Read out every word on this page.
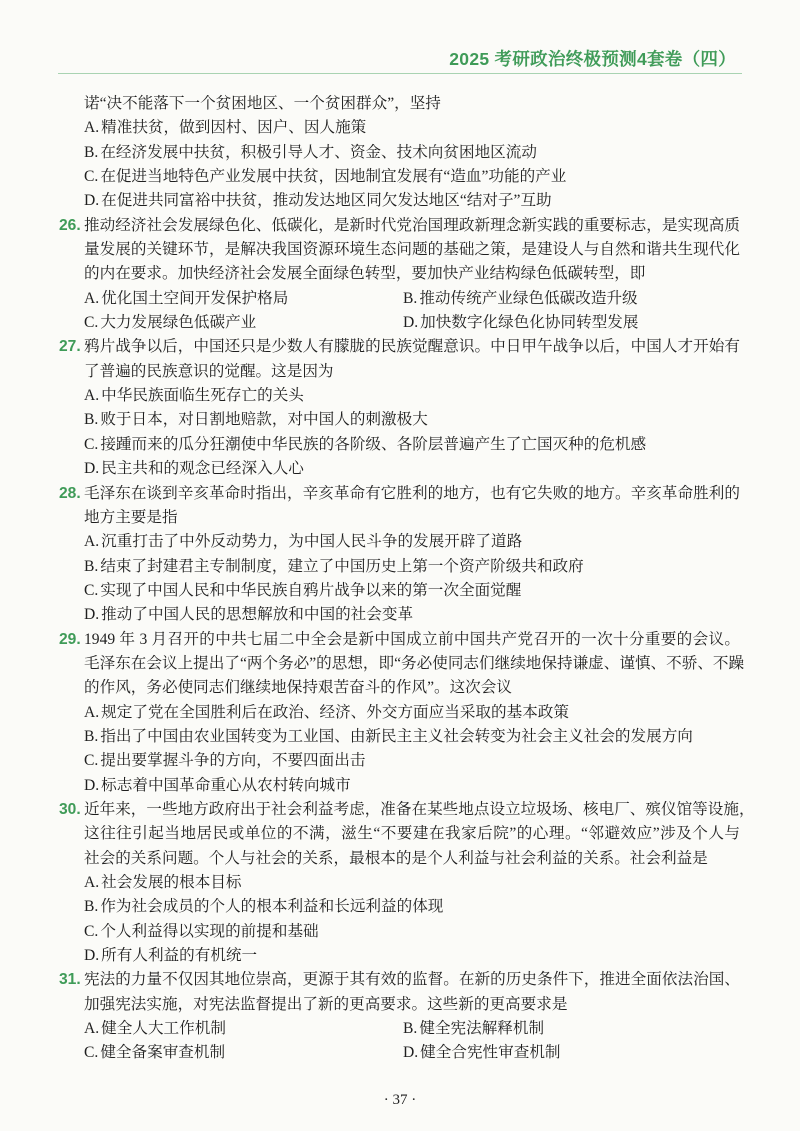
2025 考研政治终极预测4套卷（四）
诺“决不能落下一个贫困地区、一个贫困群众”，坚持
A. 精准扶贫，做到因村、因户、因人施策
B. 在经济发展中扶贫，积极引导人才、资金、技术向贫困地区流动
C. 在促进当地特色产业发展中扶贫，因地制宜发展有“造血”功能的产业
D. 在促进共同富裕中扶贫，推动发达地区同欠发达地区“结对子”互助
26. 推动经济社会发展绿色化、低碳化，是新时代党治国理政新理念新实践的重要标志，是实现高质
量发展的关键环节，是解决我国资源环境生态问题的基础之策，是建设人与自然和谐共生现代化
的内在要求。加快经济社会发展全面绿色转型，要加快产业结构绿色低碳转型，即
A. 优化国土空间开发保护格局	B. 推动传统产业绿色低碳改造升级
C. 大力发展绿色低碳产业	D. 加快数字化绿色化协同转型发展
27. 鸦片战争以后，中国还只是少数人有朦胧的民族觉醒意识。中日甲午战争以后，中国人才开始有
了普遍的民族意识的觉醒。这是因为
A. 中华民族面临生死存亡的关头
B. 败于日本，对日割地赔款，对中国人的刺激极大
C. 接踵而来的瓜分狂潮使中华民族的各阶级、各阶层普遍产生了亡国灭种的危机感
D. 民主共和的观念已经深入人心
28. 毛泽东在谈到辛亥革命时指出，辛亥革命有它胜利的地方，也有它失败的地方。辛亥革命胜利的
地方主要是指
A. 沉重打击了中外反动势力，为中国人民斗争的发展开辟了道路
B. 结束了封建君主专制制度，建立了中国历史上第一个资产阶级共和政府
C. 实现了中国人民和中华民族自鸦片战争以来的第一次全面觉醒
D. 推动了中国人民的思想解放和中国的社会变革
29. 1949 年 3 月召开的中共七届二中全会是新中国成立前中国共产党召开的一次十分重要的会议。
毛泽东在会议上提出了“两个务必”的思想，即“务必使同志们继续地保持谦虚、谨慎、不骄、不躁
的作风，务必使同志们继续地保持艰苦奋斗的作风”。这次会议
A. 规定了党在全国胜利后在政治、经济、外交方面应当采取的基本政策
B. 指出了中国由农业国转变为工业国、由新民主主义社会转变为社会主义社会的发展方向
C. 提出要掌握斗争的方向，不要四面出击
D. 标志着中国革命重心从农村转向城市
30. 近年来，一些地方政府出于社会利益考虑，准备在某些地点设立垃圾场、核电厂、殡仪馆等设施，
这往往引起当地居民或单位的不满，滋生“不要建在我家后院”的心理。“邻避效应”涉及个人与
社会的关系问题。个人与社会的关系，最根本的是个人利益与社会利益的关系。社会利益是
A. 社会发展的根本目标
B. 作为社会成员的个人的根本利益和长远利益的体现
C. 个人利益得以实现的前提和基础
D. 所有人利益的有机统一
31. 宪法的力量不仅因其地位崇高，更源于其有效的监督。在新的历史条件下，推进全面依法治国、
加强宪法实施，对宪法监督提出了新的更高要求。这些新的更高要求是
A. 健全人大工作机制	B. 健全宪法解释机制
C. 健全备案审查机制	D. 健全合宪性审查机制
· 37 ·
